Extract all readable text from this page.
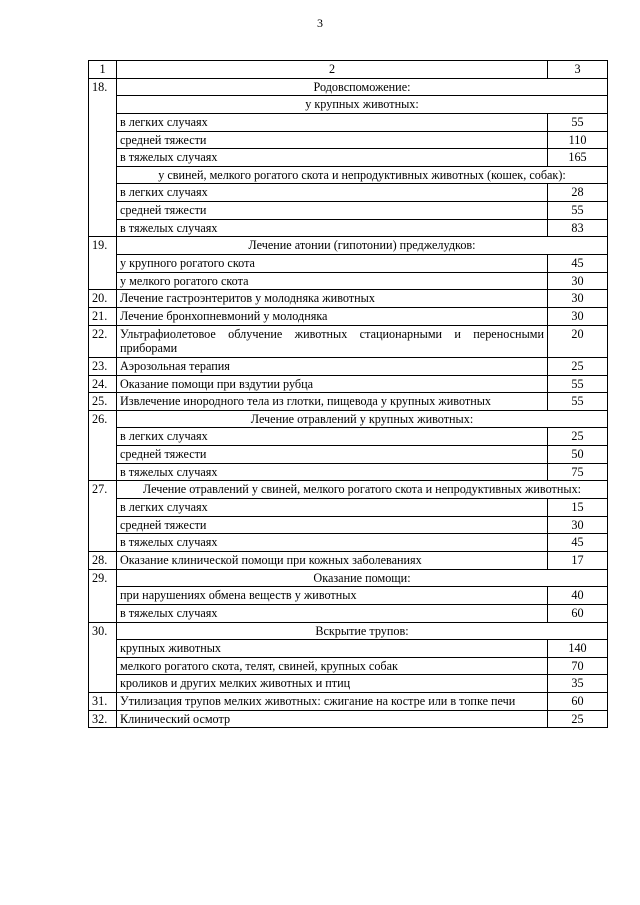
3
1	2	3
18.	Родовспоможение:	
	у крупных животных:	
	в легких случаях	55
	средней тяжести	110
	в тяжелых случаях	165
	у свиней, мелкого рогатого скота и непродуктивных животных (кошек, собак):	
	в легких случаях	28
	средней тяжести	55
	в тяжелых случаях	83
19.	Лечение атонии (гипотонии) преджелудков:	
	у крупного рогатого скота	45
	у мелкого рогатого скота	30
20.	Лечение гастроэнтеритов у молодняка животных	30
21.	Лечение бронхопневмоний у молодняка	30
22.	Ультрафиолетовое облучение животных стационарными и переносными приборами	20
23.	Аэрозольная терапия	25
24.	Оказание помощи при вздутии рубца	55
25.	Извлечение инородного тела из глотки, пищевода у крупных животных	55
26.	Лечение отравлений у крупных животных:	
	в легких случаях	25
	средней тяжести	50
	в тяжелых случаях	75
27.	Лечение отравлений у свиней, мелкого рогатого скота и непродуктивных животных:	
	в легких случаях	15
	средней тяжести	30
	в тяжелых случаях	45
28.	Оказание клинической помощи при кожных заболеваниях	17
29.	Оказание помощи:	
	при нарушениях обмена веществ у животных	40
	в тяжелых случаях	60
30.	Вскрытие трупов:	
	крупных животных	140
	мелкого рогатого скота, телят, свиней, крупных собак	70
	кроликов и других мелких животных и птиц	35
31.	Утилизация трупов мелких животных: сжигание на костре или в топке печи	60
32.	Клинический осмотр	25
